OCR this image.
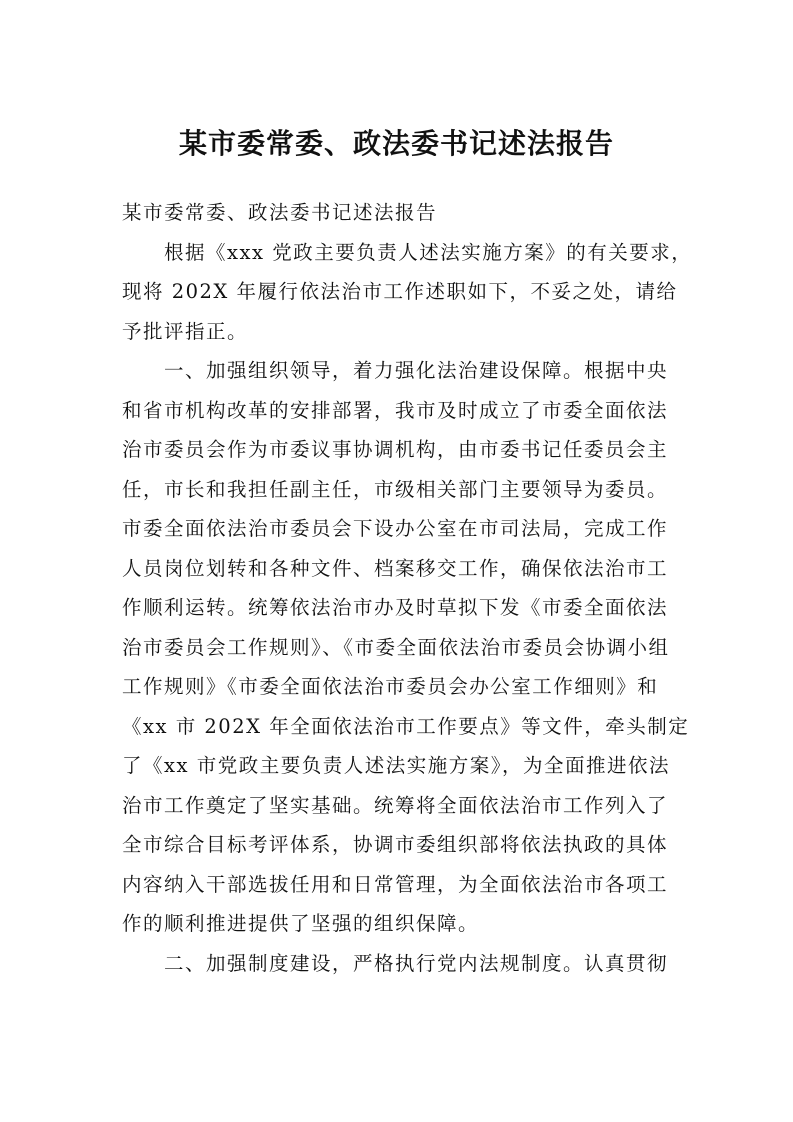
某市委常委、政法委书记述法报告
某市委常委、政法委书记述法报告
根据《xxx 党政主要负责人述法实施方案》的有关要求，
现将 202X 年履行依法治市工作述职如下，不妥之处，请给
予批评指正。
一、加强组织领导，着力强化法治建设保障。根据中央
和省市机构改革的安排部署，我市及时成立了市委全面依法
治市委员会作为市委议事协调机构，由市委书记任委员会主
任，市长和我担任副主任，市级相关部门主要领导为委员。
市委全面依法治市委员会下设办公室在市司法局，完成工作
人员岗位划转和各种文件、档案移交工作，确保依法治市工
作顺利运转。统筹依法治市办及时草拟下发《市委全面依法
治市委员会工作规则》、《市委全面依法治市委员会协调小组
工作规则》《市委全面依法治市委员会办公室工作细则》和
《xx 市 202X 年全面依法治市工作要点》等文件，牵头制定
了《xx 市党政主要负责人述法实施方案》，为全面推进依法
治市工作奠定了坚实基础。统筹将全面依法治市工作列入了
全市综合目标考评体系，协调市委组织部将依法执政的具体
内容纳入干部选拔任用和日常管理，为全面依法治市各项工
作的顺利推进提供了坚强的组织保障。
二、加强制度建设，严格执行党内法规制度。认真贯彻
